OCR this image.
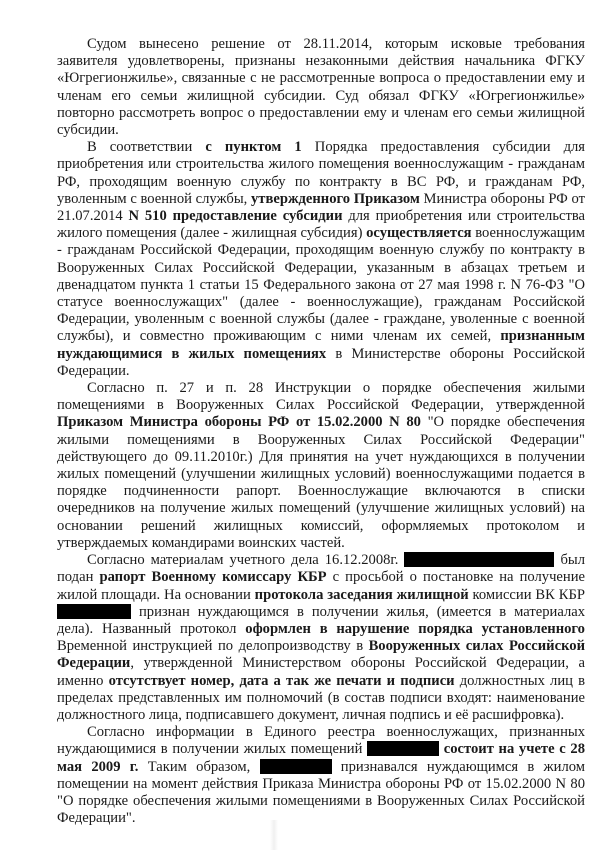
Судом вынесено решение от 28.11.2014, которым исковые требования заявителя удовлетворены, признаны незаконными действия начальника ФГКУ «Югрегионжилье», связанные с не рассмотренные вопроса о предоставлении ему и членам его семьи жилищной субсидии. Суд обязал ФГКУ «Югрегионжилье» повторно рассмотреть вопрос о предоставлении ему и членам его семьи жилищной субсидии.

В соответствии с пунктом 1 Порядка предоставления субсидии для приобретения или строительства жилого помещения военнослужащим - гражданам РФ, проходящим военную службу по контракту в ВС РФ, и гражданам РФ, уволенным с военной службы, утвержденного Приказом Министра обороны РФ от 21.07.2014 N 510 предоставление субсидии для приобретения или строительства жилого помещения (далее - жилищная субсидия) осуществляется военнослужащим - гражданам Российской Федерации, проходящим военную службу по контракту в Вооруженных Силах Российской Федерации, указанным в абзацах третьем и двенадцатом пункта 1 статьи 15 Федерального закона от 27 мая 1998 г. N 76-ФЗ "О статусе военнослужащих" (далее - военнослужащие), гражданам Российской Федерации, уволенным с военной службы (далее - граждане, уволенные с военной службы), и совместно проживающим с ними членам их семей, признанным нуждающимися в жилых помещениях в Министерстве обороны Российской Федерации.

Согласно п. 27 и п. 28 Инструкции о порядке обеспечения жилыми помещениями в Вооруженных Силах Российской Федерации, утвержденной Приказом Министра обороны РФ от 15.02.2000 N 80 "О порядке обеспечения жилыми помещениями в Вооруженных Силах Российской Федерации" действующего до 09.11.2010г.) Для принятия на учет нуждающихся в получении жилых помещений (улучшении жилищных условий) военнослужащими подается в порядке подчиненности рапорт. Военнослужащие включаются в списки очередников на получение жилых помещений (улучшение жилищных условий) на основании решений жилищных комиссий, оформляемых протоколом и утверждаемых командирами воинских частей.

Согласно материалам учетного дела 16.12.2008г.	был подан рапорт Военному комиссару КБР с просьбой о постановке на получение жилой площади. На основании протокола заседания жилищной комиссии ВК КБР  признан нуждающимся в получении жилья, (имеется в материалах дела). Названный протокол оформлен в нарушение порядка установленного Временной инструкцией по делопроизводству в Вооруженных силах Российской Федерации, утвержденной Министерством обороны Российской Федерации, а именно отсутствует номер, дата а так же печати и подписи должностных лиц в пределах представленных им полномочий (в состав подписи входят: наименование должностного лица, подписавшего документ, личная подпись и её расшифровка).

Согласно информации в Единого реестра военнослужащих, признанных нуждающимися в получении жилых помещений	состоит на учете с 28 мая 2009 г. Таким образом,	признавался нуждающимся в жилом помещении на момент действия Приказа Министра обороны РФ от 15.02.2000 N 80 "О порядке обеспечения жилыми помещениями в Вооруженных Силах Российской Федерации".
